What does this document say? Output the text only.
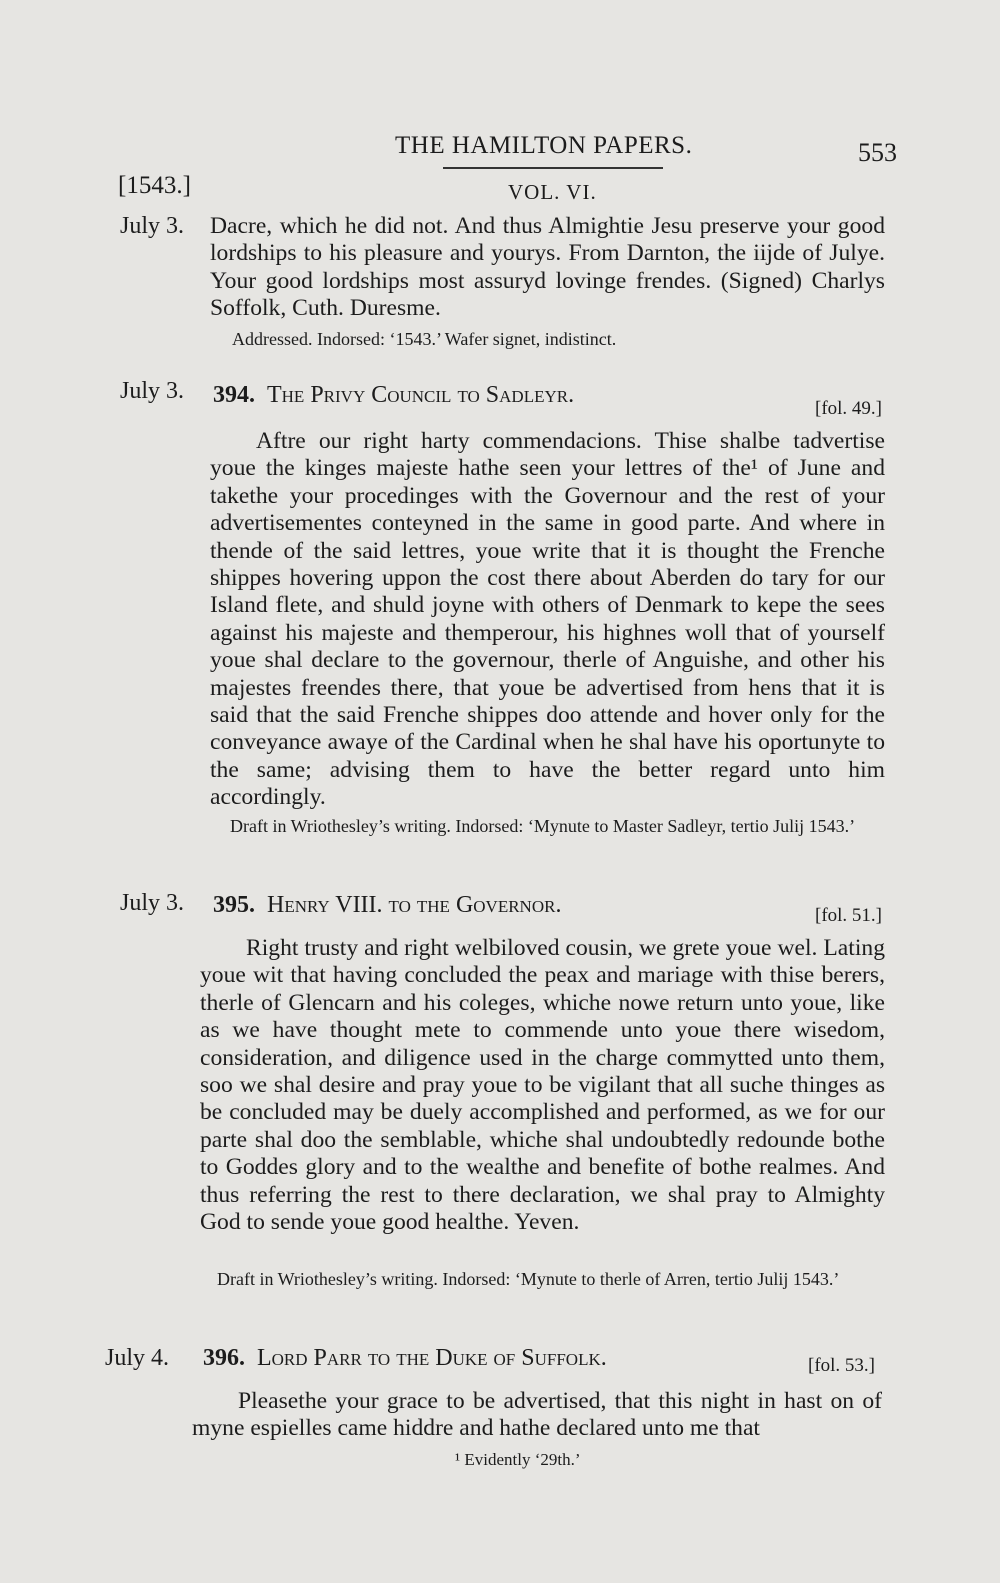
THE HAMILTON PAPERS.	553
[1543.]	VOL. VI.
July 3. Dacre, which he did not. And thus Almightie Jesu preserve your good lordships to his pleasure and yourys. From Darnton, the iijde of Julye. Your good lordships most assuryd lovinge frendes. (Signed) Charlys Soffolk, Cuth. Duresme.

Addressed. Indorsed: ‘1543.’ Wafer signet, indistinct.

July 3. 394. The Privy Council to Sadleyr.
[fol. 49.]

Aftre our right harty commendacions. Thise shalbe tadvertise youe the kinges majeste hathe seen your lettres of the¹ of June and takethe your procedinges with the Governour and the rest of your advertisementes conteyned in the same in good parte. And where in thende of the said lettres, youe write that it is thought the Frenche shippes hovering uppon the cost there about Aberden do tary for our Island flete, and shuld joyne with others of Denmark to kepe the sees against his majeste and themperour, his highnes woll that of yourself youe shal declare to the governour, therle of Anguishe, and other his majestes freendes there, that youe be advertised from hens that it is said that the said Frenche shippes doo attende and hover only for the conveyance awaye of the Cardinal when he shal have his oportunyte to the same; advising them to have the better regard unto him accordingly.

Draft in Wriothesley’s writing. Indorsed: ‘Mynute to Master Sadleyr, tertio Julij 1543.’

July 3. 395. Henry VIII. to the Governor.	[fol. 51.]

Right trusty and right welbiloved cousin, we grete youe wel. Lating youe wit that having concluded the peax and mariage with thise berers, therle of Glencarn and his coleges, whiche nowe return unto youe, like as we have thought mete to commende unto youe there wisedom, consideration, and diligence used in the charge commytted unto them, soo we shal desire and pray youe to be vigilant that all suche thinges as be concluded may be duely accomplished and performed, as we for our parte shal doo the semblable, whiche shal undoubtedly redounde bothe to Goddes glory and to the wealthe and benefite of bothe realmes. And thus referring the rest to there declaration, we shal pray to Almighty God to sende youe good healthe. Yeven.

Draft in Wriothesley’s writing. Indorsed: ‘Mynute to therle of Arren, tertio Julij 1543.’

July 4. 396. Lord Parr to the Duke of Suffolk.	[fol. 53.]

Pleasethe your grace to be advertised, that this night in hast on of myne espielles came hiddre and hathe declared unto me that

¹ Evidently ‘29th.’
